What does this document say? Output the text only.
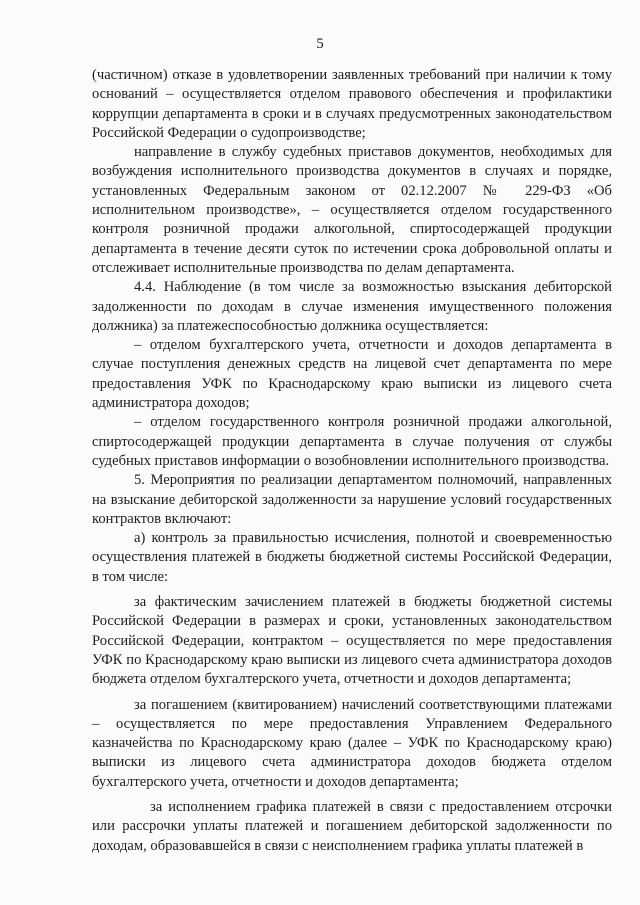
5

(частичном) отказе в удовлетворении заявленных требований при наличии к тому оснований – осуществляется отделом правового обеспечения и профилактики коррупции департамента в сроки и в случаях предусмотренных законодательством Российской Федерации о судопроизводстве;

направление в службу судебных приставов документов, необходимых для возбуждения исполнительного производства документов в случаях и порядке, установленных Федеральным законом от 02.12.2007 № 229-ФЗ «Об исполнительном производстве», – осуществляется отделом государственного контроля розничной продажи алкогольной, спиртосодержащей продукции департамента в течение десяти суток по истечении срока добровольной оплаты и отслеживает исполнительные производства по делам департамента.

4.4. Наблюдение (в том числе за возможностью взыскания дебиторской задолженности по доходам в случае изменения имущественного положения должника) за платежеспособностью должника осуществляется:

– отделом бухгалтерского учета, отчетности и доходов департамента в случае поступления денежных средств на лицевой счет департамента по мере предоставления УФК по Краснодарскому краю выписки из лицевого счета администратора доходов;

– отделом государственного контроля розничной продажи алкогольной, спиртосодержащей продукции департамента в случае получения от службы судебных приставов информации о возобновлении исполнительного производства.

5. Мероприятия по реализации департаментом полномочий, направленных на взыскание дебиторской задолженности за нарушение условий государственных контрактов включают:

а) контроль за правильностью исчисления, полнотой и своевременностью осуществления платежей в бюджеты бюджетной системы Российской Федерации, в том числе:

за фактическим зачислением платежей в бюджеты бюджетной системы Российской Федерации в размерах и сроки, установленных законодательством Российской Федерации, контрактом – осуществляется по мере предоставления УФК по Краснодарскому краю выписки из лицевого счета администратора доходов бюджета отделом бухгалтерского учета, отчетности и доходов департамента;

за погашением (квитированием) начислений соответствующими платежами – осуществляется по мере предоставления Управлением Федерального казначейства по Краснодарскому краю (далее – УФК по Краснодарскому краю) выписки из лицевого счета администратора доходов бюджета отделом бухгалтерского учета, отчетности и доходов департамента;

за исполнением графика платежей в связи с предоставлением отсрочки или рассрочки уплаты платежей и погашением дебиторской задолженности по доходам, образовавшейся в связи с неисполнением графика уплаты платежей в
